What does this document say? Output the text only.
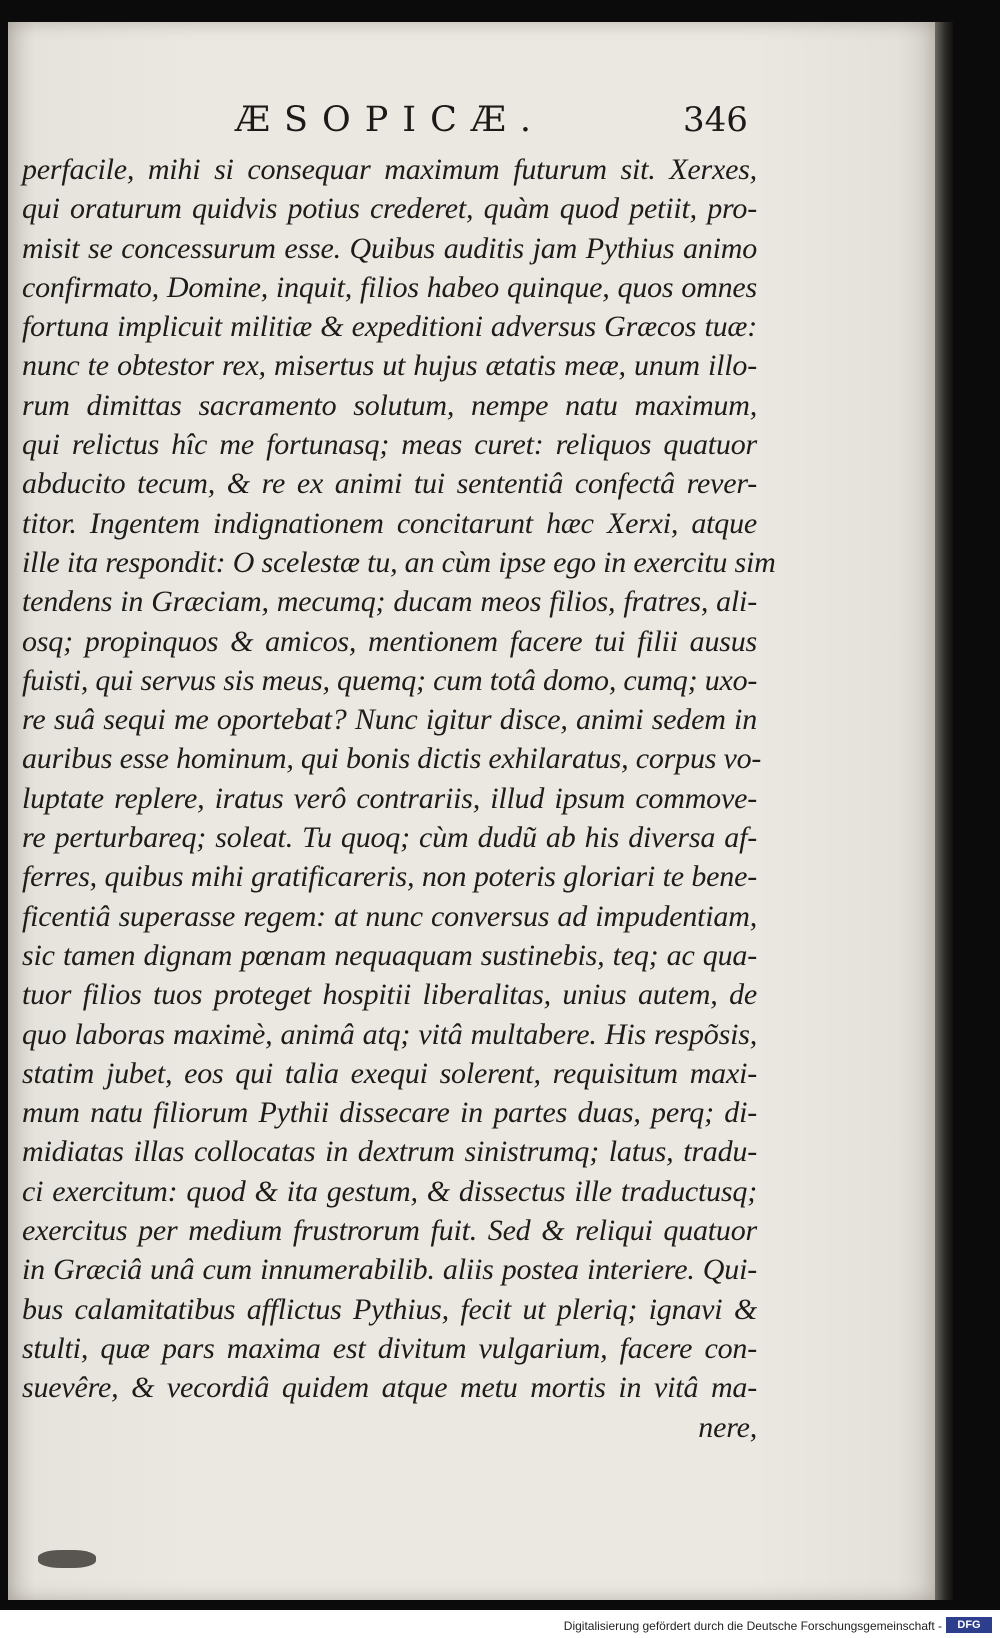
ÆSOPICÆ.	346
perfacile, mihi si consequar maximum futurum sit. Xerxes,
qui oraturum quidvis potius crederet, quàm quod petiit, pro-
misit se concessurum esse. Quibus auditis jam Pythius animo
confirmato, Domine, inquit, filios habeo quinque, quos omnes
fortuna implicuit militiæ & expeditioni adversus Græcos tuæ:
nunc te obtestor rex, misertus ut hujus ætatis meæ, unum illo-
rum dimittas sacramento solutum, nempe natu maximum,
qui relictus hîc me fortunasq; meas curet: reliquos quatuor
abducito tecum, & re ex animi tui sententiâ confectâ rever-
titor. Ingentem indignationem concitarunt hæc Xerxi, atque
ille ita respondit: O scelestæ tu, an cùm ipse ego in exercitu sim
tendens in Græciam, mecumq; ducam meos filios, fratres, ali-
osq; propinquos & amicos, mentionem facere tui filii ausus
fuisti, qui servus sis meus, quemq; cum totâ domo, cumq; uxo-
re suâ sequi me oportebat? Nunc igitur disce, animi sedem in
auribus esse hominum, qui bonis dictis exhilaratus, corpus vo-
luptate replere, iratus verô contrariis, illud ipsum commove-
re perturbareq; soleat. Tu quoq; cùm dudũ ab his diversa af-
ferres, quibus mihi gratificareris, non poteris gloriari te bene-
ficentiâ superasse regem: at nunc conversus ad impudentiam,
sic tamen dignam pœnam nequaquam sustinebis, teq; ac qua-
tuor filios tuos proteget hospitii liberalitas, unius autem, de
quo laboras maximè, animâ atq; vitâ multabere. His respõsis,
statim jubet, eos qui talia exequi solerent, requisitum maxi-
mum natu filiorum Pythii dissecare in partes duas, perq; di-
midiatas illas collocatas in dextrum sinistrumq; latus, tradu-
ci exercitum: quod & ita gestum, & dissectus ille traductusq;
exercitus per medium frustrorum fuit. Sed & reliqui quatuor
in Græciâ unâ cum innumerabilib. aliis postea interiere. Qui-
bus calamitatibus afflictus Pythius, fecit ut pleriq; ignavi &
stulti, quæ pars maxima est divitum vulgarium, facere con-
suevêre, & vecordiâ quidem atque metu mortis in vitâ ma-
nere,
Digitalisierung gefördert durch die Deutsche Forschungsgemeinschaft -	DFG
